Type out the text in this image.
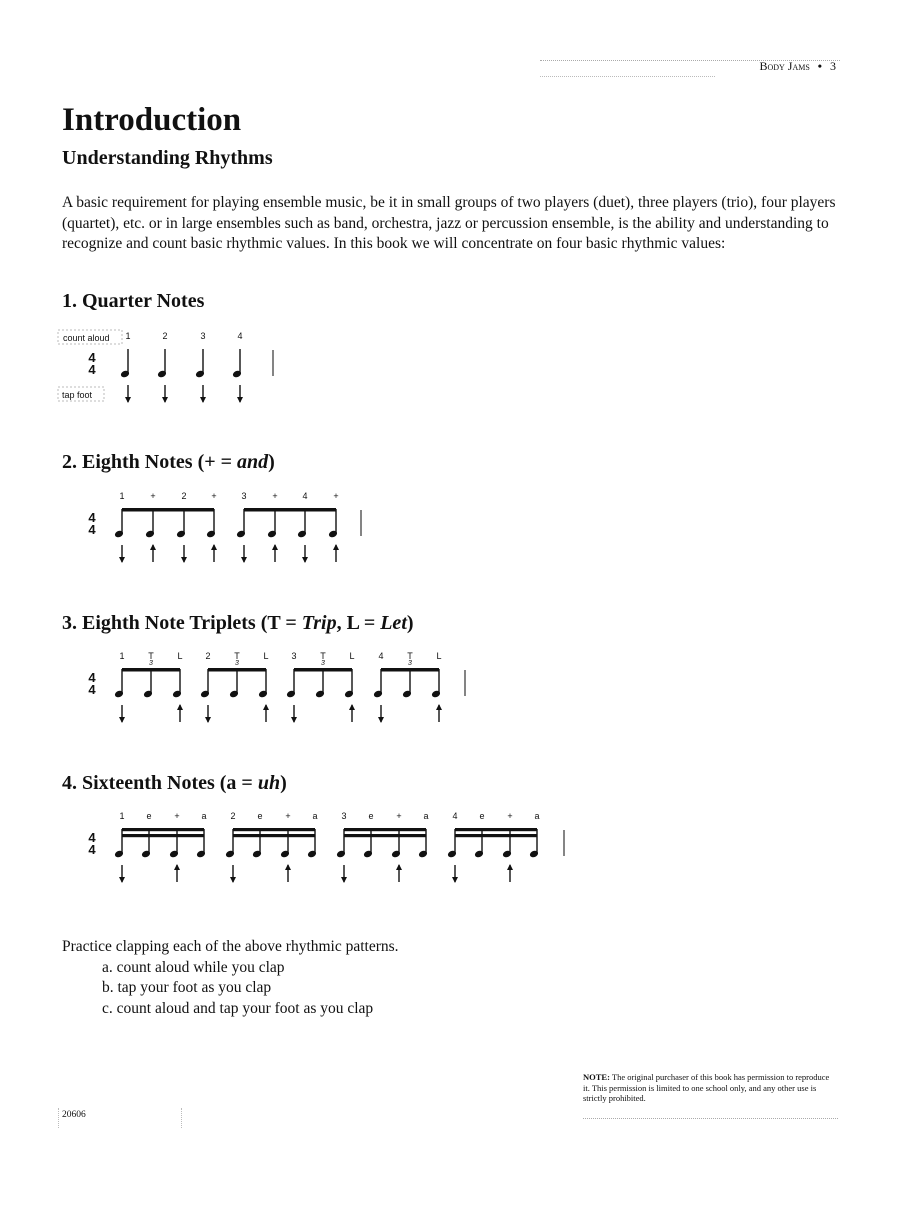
Body Jams • 3
Introduction
Understanding Rhythms

A basic requirement for playing ensemble music, be it in small groups of two players (duet), three players (trio), four players (quartet), etc. or in large ensembles such as band, orchestra, jazz or percussion ensemble, is the ability and understanding to recognize and count basic rhythmic values. In this book we will concentrate on four basic rhythmic values:

1. Quarter Notes
count aloud
tap foot
4
4
1	2	3	4
2. Eighth Notes (+ = and)
4
4
1	+	2	+	3	+	4	+
3. Eighth Note Triplets (T = Trip, L = Let)
4
4
1	T	L	2	T	L	3	T	L	4	T	L
3	3	3	3
4. Sixteenth Notes (a = uh)
4
4
1 e	+ a	2 e	+ a	3 e	+ a	4 e	+ a
Practice clapping each of the above rhythmic patterns.
a. count aloud while you clap
b. tap your foot as you clap
c. count aloud and tap your foot as you clap
NOTE: The original purchaser of this book has permission to reproduce it. This permission is limited to one school only, and any other use is strictly prohibited.
20606
